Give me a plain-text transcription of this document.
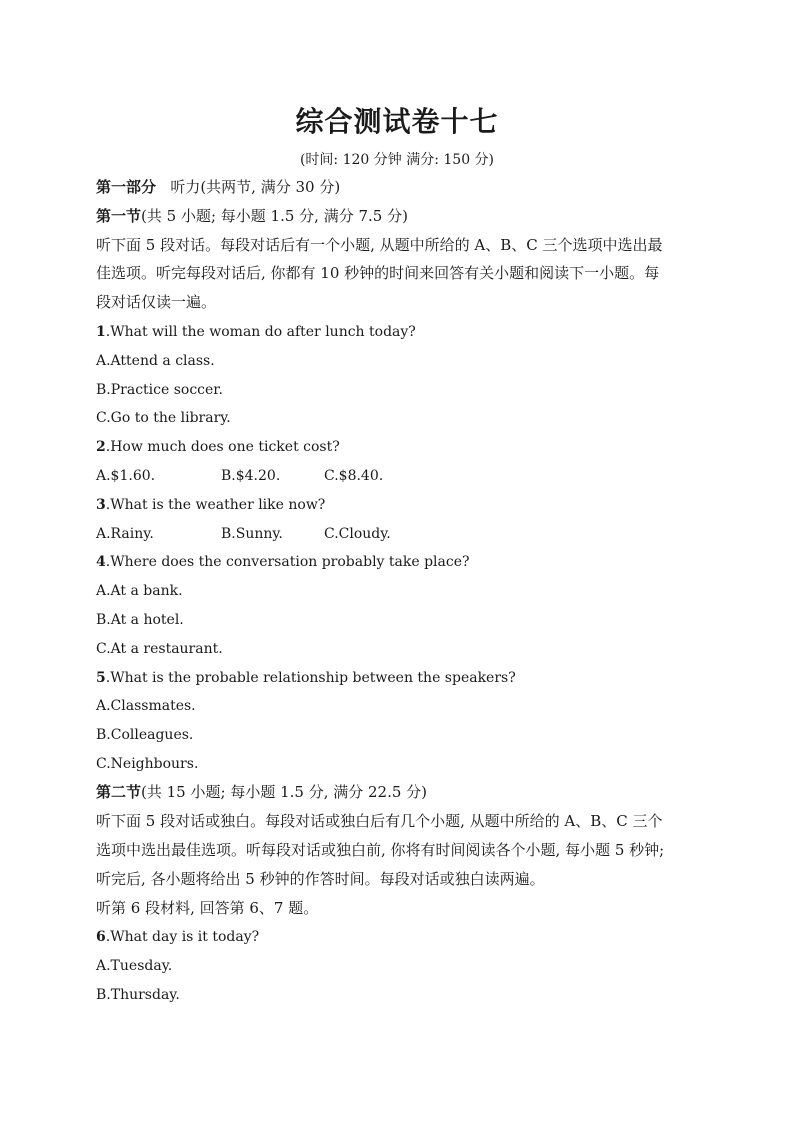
综合测试卷十七
(时间: 120 分钟 满分: 150 分)
第一部分 听力(共两节, 满分 30 分)
第一节(共 5 小题; 每小题 1.5 分, 满分 7.5 分)
听下面 5 段对话。每段对话后有一个小题, 从题中所给的 A、B、C 三个选项中选出最
佳选项。听完每段对话后, 你都有 10 秒钟的时间来回答有关小题和阅读下一小题。每
段对话仅读一遍。
1.What will the woman do after lunch today?
A.Attend a class.
B.Practice soccer.
C.Go to the library.
2.How much does one ticket cost?
A.$1.60.	B.$4.20.	C.$8.40.
3.What is the weather like now?
A.Rainy.	B.Sunny.	C.Cloudy.
4.Where does the conversation probably take place?
A.At a bank.
B.At a hotel.
C.At a restaurant.
5.What is the probable relationship between the speakers?
A.Classmates.
B.Colleagues.
C.Neighbours.
第二节(共 15 小题; 每小题 1.5 分, 满分 22.5 分)
听下面 5 段对话或独白。每段对话或独白后有几个小题, 从题中所给的 A、B、C 三个
选项中选出最佳选项。听每段对话或独白前, 你将有时间阅读各个小题, 每小题 5 秒钟;
听完后, 各小题将给出 5 秒钟的作答时间。每段对话或独白读两遍。
听第 6 段材料, 回答第 6、7 题。
6.What day is it today?
A.Tuesday.
B.Thursday.
